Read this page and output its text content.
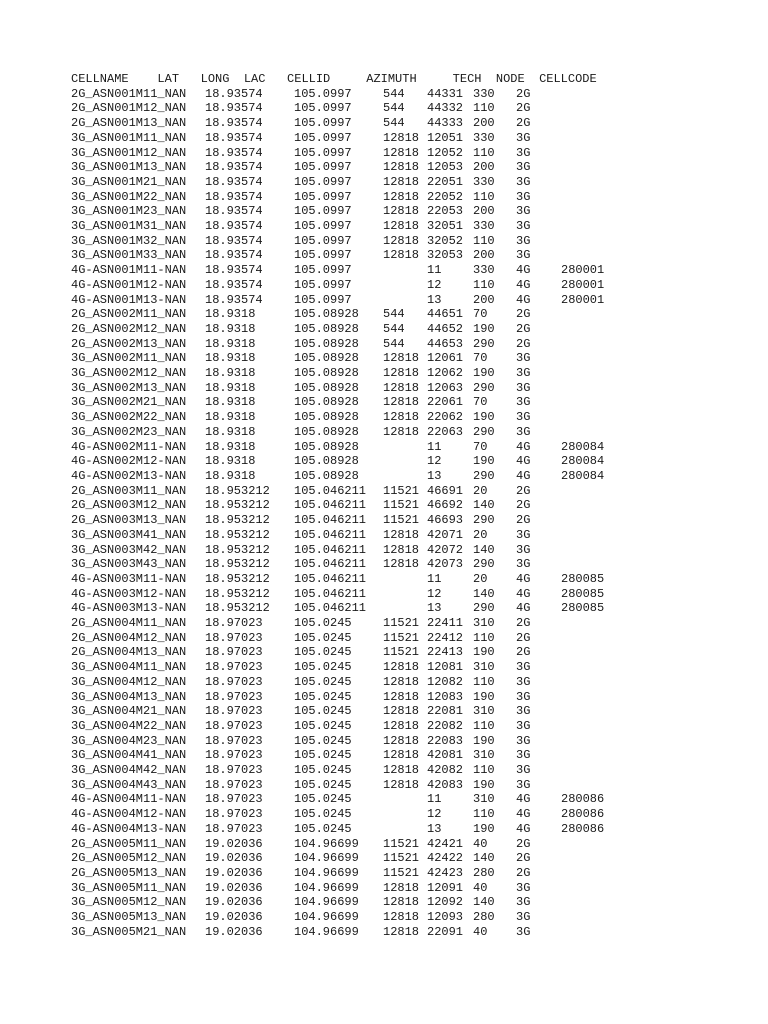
CELLNAME    LAT   LONG  LAC   CELLID     AZIMUTH     TECH  NODE  CELLCODE

2G_ASN001M11_NAN 18.93574	105.0997	544 44331 330 2G
2G_ASN001M12_NAN 18.93574	105.0997	544 44332 110 2G
2G_ASN001M13_NAN 18.93574	105.0997	544 44333 200 2G
3G_ASN001M11_NAN 18.93574	105.0997	12818 12051 330 3G
3G_ASN001M12_NAN 18.93574	105.0997	12818 12052 110 3G
3G_ASN001M13_NAN 18.93574	105.0997	12818 12053 200 3G
3G_ASN001M21_NAN 18.93574	105.0997	12818 22051 330 3G
3G_ASN001M22_NAN 18.93574	105.0997	12818 22052 110 3G
3G_ASN001M23_NAN 18.93574	105.0997	12818 22053 200 3G
3G_ASN001M31_NAN 18.93574	105.0997	12818 32051 330 3G
3G_ASN001M32_NAN 18.93574	105.0997	12818 32052 110 3G
3G_ASN001M33_NAN 18.93574	105.0997	12818 32053 200 3G
4G-ASN001M11-NAN 18.93574	105.0997	11	330 4G	280001
4G-ASN001M12-NAN 18.93574	105.0997	12	110 4G	280001
4G-ASN001M13-NAN 18.93574	105.0997	13	200 4G	280001
2G_ASN002M11_NAN 18.9318	105.08928 544 44651 70 2G
2G_ASN002M12_NAN 18.9318	105.08928 544 44652 190 2G
2G_ASN002M13_NAN 18.9318	105.08928 544 44653 290 2G
3G_ASN002M11_NAN 18.9318	105.08928 12818 12061 70 3G
3G_ASN002M12_NAN 18.9318	105.08928 12818 12062 190 3G
3G_ASN002M13_NAN 18.9318	105.08928 12818 12063 290 3G
3G_ASN002M21_NAN 18.9318	105.08928 12818 22061 70 3G
3G_ASN002M22_NAN 18.9318	105.08928 12818 22062 190 3G
3G_ASN002M23_NAN 18.9318	105.08928 12818 22063 290 3G
4G-ASN002M11-NAN 18.9318	105.08928	11	70 4G	280084
4G-ASN002M12-NAN 18.9318	105.08928	12	190 4G	280084
4G-ASN002M13-NAN 18.9318	105.08928	13	290 4G	280084
2G_ASN003M11_NAN 18.953212 105.046211 11521 46691 20 2G
2G_ASN003M12_NAN 18.953212 105.046211 11521 46692 140 2G
2G_ASN003M13_NAN 18.953212 105.046211 11521 46693 290 2G
3G_ASN003M41_NAN 18.953212 105.046211 12818 42071 20 3G
3G_ASN003M42_NAN 18.953212 105.046211 12818 42072 140 3G
3G_ASN003M43_NAN 18.953212 105.046211 12818 42073 290 3G
4G-ASN003M11-NAN 18.953212 105.046211	11	20 4G	280085
4G-ASN003M12-NAN 18.953212 105.046211	12	140 4G	280085
4G-ASN003M13-NAN 18.953212 105.046211	13	290 4G	280085
2G_ASN004M11_NAN 18.97023	105.0245	11521 22411 310 2G
2G_ASN004M12_NAN 18.97023	105.0245	11521 22412 110 2G
2G_ASN004M13_NAN 18.97023	105.0245	11521 22413 190 2G
3G_ASN004M11_NAN 18.97023	105.0245	12818 12081 310 3G
3G_ASN004M12_NAN 18.97023	105.0245	12818 12082 110 3G
3G_ASN004M13_NAN 18.97023	105.0245	12818 12083 190 3G
3G_ASN004M21_NAN 18.97023	105.0245	12818 22081 310 3G
3G_ASN004M22_NAN 18.97023	105.0245	12818 22082 110 3G
3G_ASN004M23_NAN 18.97023	105.0245	12818 22083 190 3G
3G_ASN004M41_NAN 18.97023	105.0245	12818 42081 310 3G
3G_ASN004M42_NAN 18.97023	105.0245	12818 42082 110 3G
3G_ASN004M43_NAN 18.97023	105.0245	12818 42083 190 3G
4G-ASN004M11-NAN 18.97023	105.0245	11	310 4G	280086
4G-ASN004M12-NAN 18.97023	105.0245	12	110 4G	280086
4G-ASN004M13-NAN 18.97023	105.0245	13	190 4G	280086
2G_ASN005M11_NAN 19.02036	104.96699 11521 42421 40 2G
2G_ASN005M12_NAN 19.02036	104.96699 11521 42422 140 2G
2G_ASN005M13_NAN 19.02036	104.96699 11521 42423 280 2G
3G_ASN005M11_NAN 19.02036	104.96699 12818 12091 40 3G
3G_ASN005M12_NAN 19.02036	104.96699 12818 12092 140 3G
3G_ASN005M13_NAN 19.02036	104.96699 12818 12093 280 3G
3G_ASN005M21_NAN 19.02036	104.96699 12818 22091 40 3G
